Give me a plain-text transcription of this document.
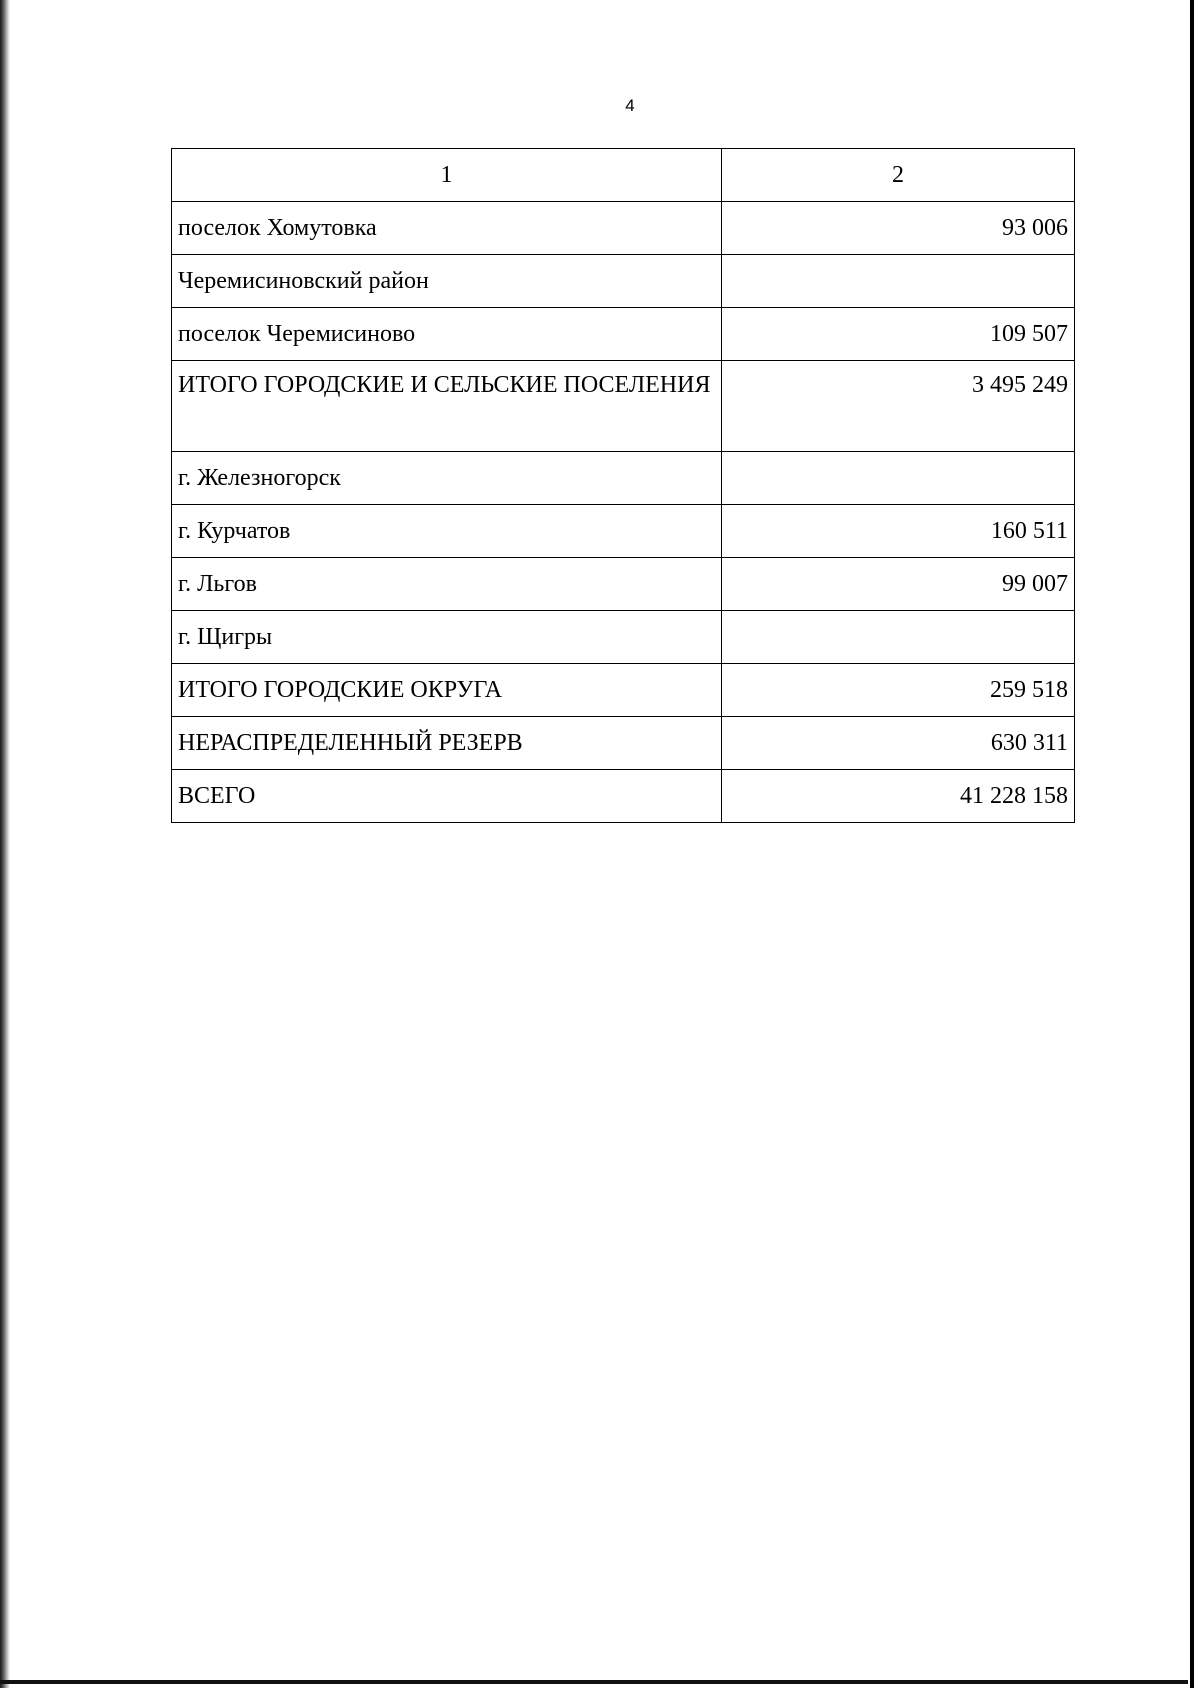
4
1	2
поселок Хомутовка	93 006
Черемисиновский район	
поселок Черемисиново	109 507
ИТОГО ГОРОДСКИЕ И СЕЛЬСКИЕ ПОСЕЛЕНИЯ	3 495 249
г. Железногорск	
г. Курчатов	160 511
г. Льгов	99 007
г. Щигры	
ИТОГО ГОРОДСКИЕ ОКРУГА	259 518
НЕРАСПРЕДЕЛЕННЫЙ РЕЗЕРВ	630 311
ВСЕГО	41 228 158
